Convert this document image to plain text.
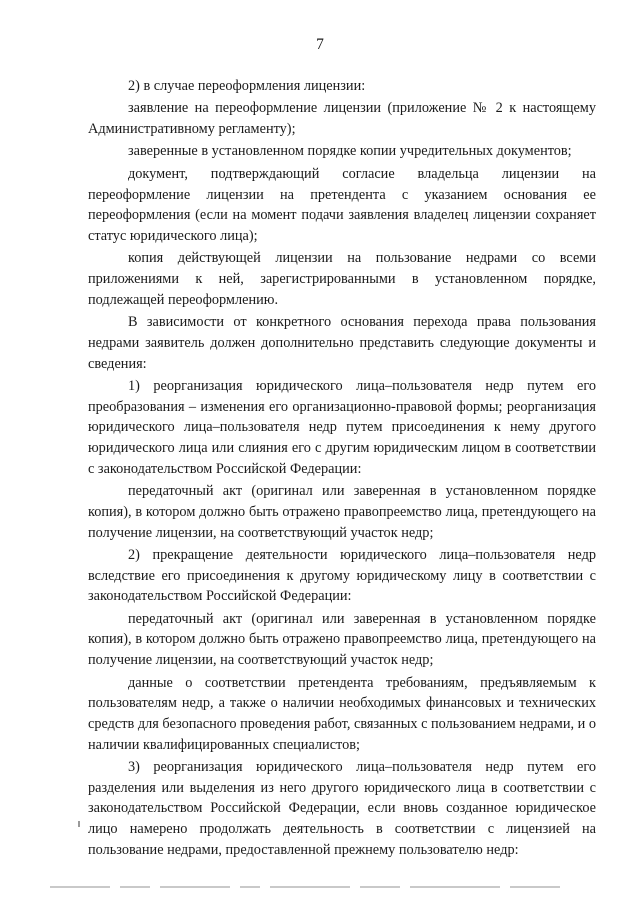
7

2) в случае переоформления лицензии:

заявление на переоформление лицензии (приложение № 2 к настоящему Административному регламенту);

заверенные в установленном порядке копии учредительных документов;

документ, подтверждающий согласие владельца лицензии на переоформление лицензии на претендента с указанием основания ее переоформления (если на момент подачи заявления владелец лицензии сохраняет статус юридического лица);

копия действующей лицензии на пользование недрами со всеми приложениями к ней, зарегистрированными в установленном порядке, подлежащей переоформлению.

В зависимости от конкретного основания перехода права пользования недрами заявитель должен дополнительно представить следующие документы и сведения:

1) реорганизация юридического лица–пользователя недр путем его преобразования – изменения его организационно-правовой формы; реорганизация юридического лица–пользователя недр путем присоединения к нему другого юридического лица или слияния его с другим юридическим лицом в соответствии с законодательством Российской Федерации:

передаточный акт (оригинал или заверенная в установленном порядке копия), в котором должно быть отражено правопреемство лица, претендующего на получение лицензии, на соответствующий участок недр;

2) прекращение деятельности юридического лица–пользователя недр вследствие его присоединения к другому юридическому лицу в соответствии с законодательством Российской Федерации:

передаточный акт (оригинал или заверенная в установленном порядке копия), в котором должно быть отражено правопреемство лица, претендующего на получение лицензии, на соответствующий участок недр;

данные о соответствии претендента требованиям, предъявляемым к пользователям недр, а также о наличии необходимых финансовых и технических средств для безопасного проведения работ, связанных с пользованием недрами, и о наличии квалифицированных специалистов;

3) реорганизация юридического лица–пользователя недр путем его разделения или выделения из него другого юридического лица в соответствии с законодательством Российской Федерации, если вновь созданное юридическое лицо намерено продолжать деятельность в соответствии с лицензией на пользование недрами, предоставленной прежнему пользователю недр:
